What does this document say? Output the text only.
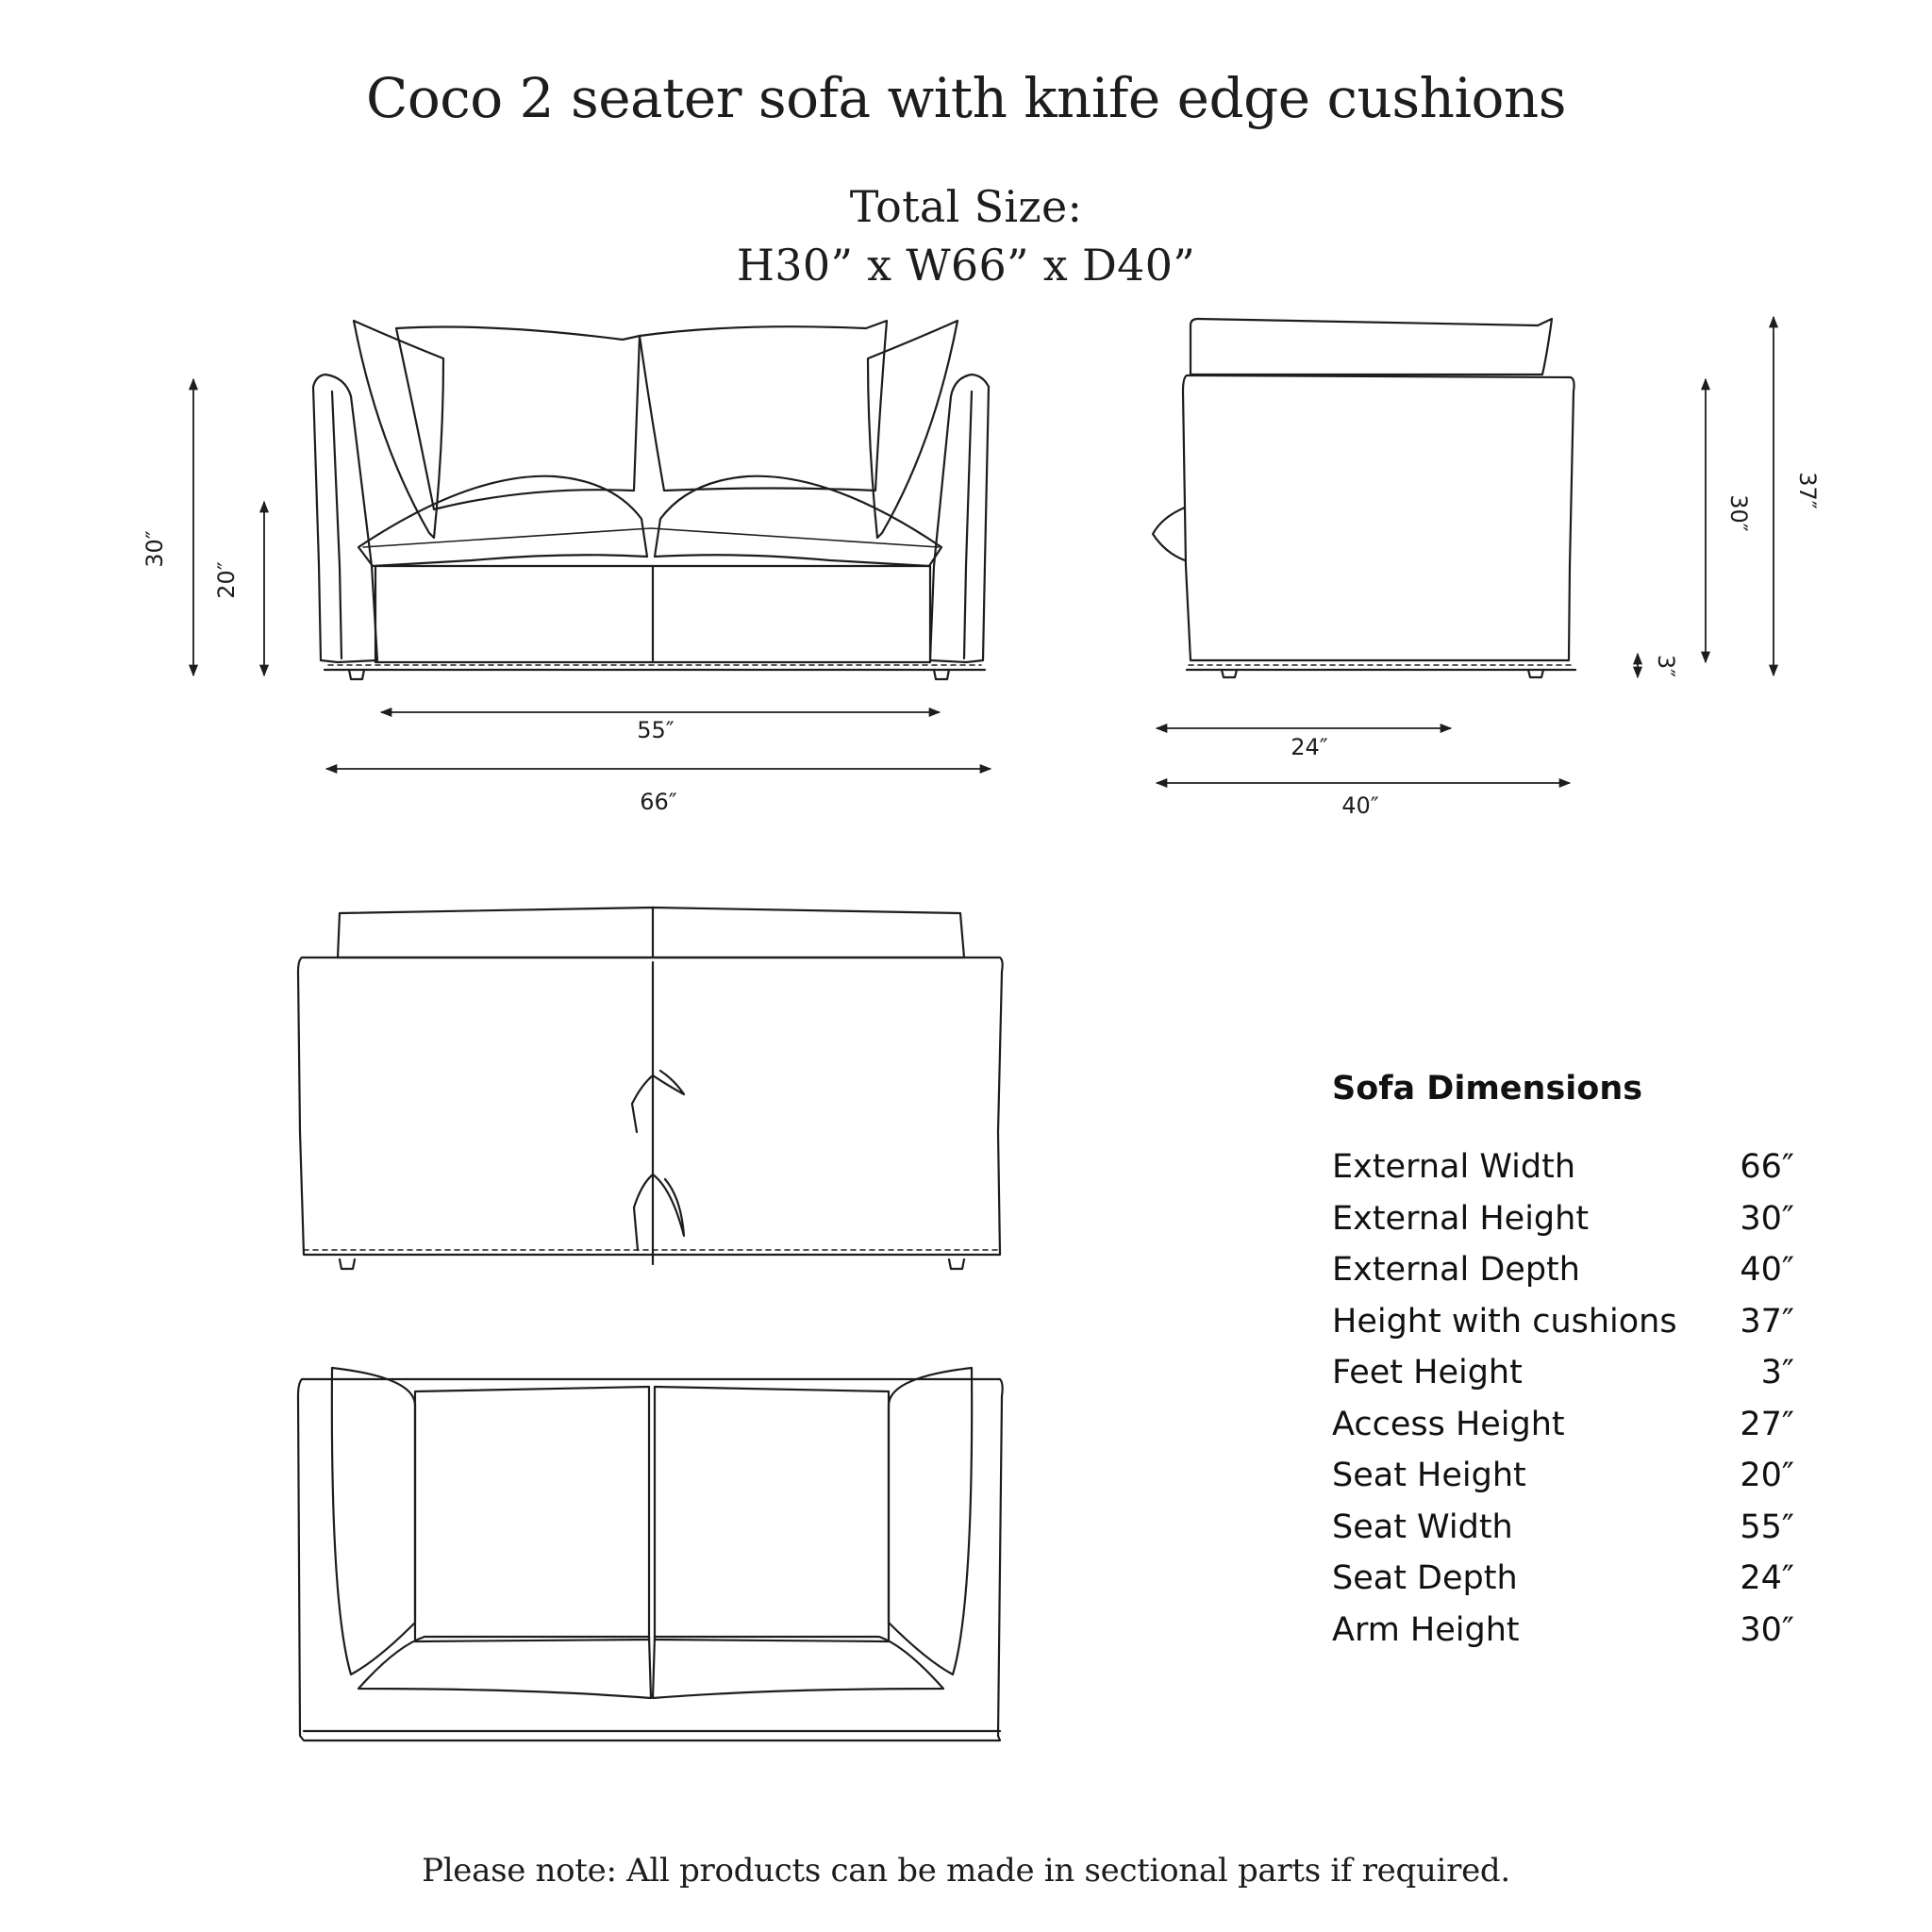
Coco 2 seater sofa with knife edge cushions
Total Size:
H30” x W66” x D40”
30″
20″
55″
66″
24″
40″
3″
30″
37″
Sofa Dimensions
External Width	66″
External Height	30″
External Depth	40″
Height with cushions 37″
Feet Height	3″
Access Height	27″
Seat Height	20″
Seat Width	55″
Seat Depth	24″
Arm Height	30″
Please note: All products can be made in sectional parts if required.
